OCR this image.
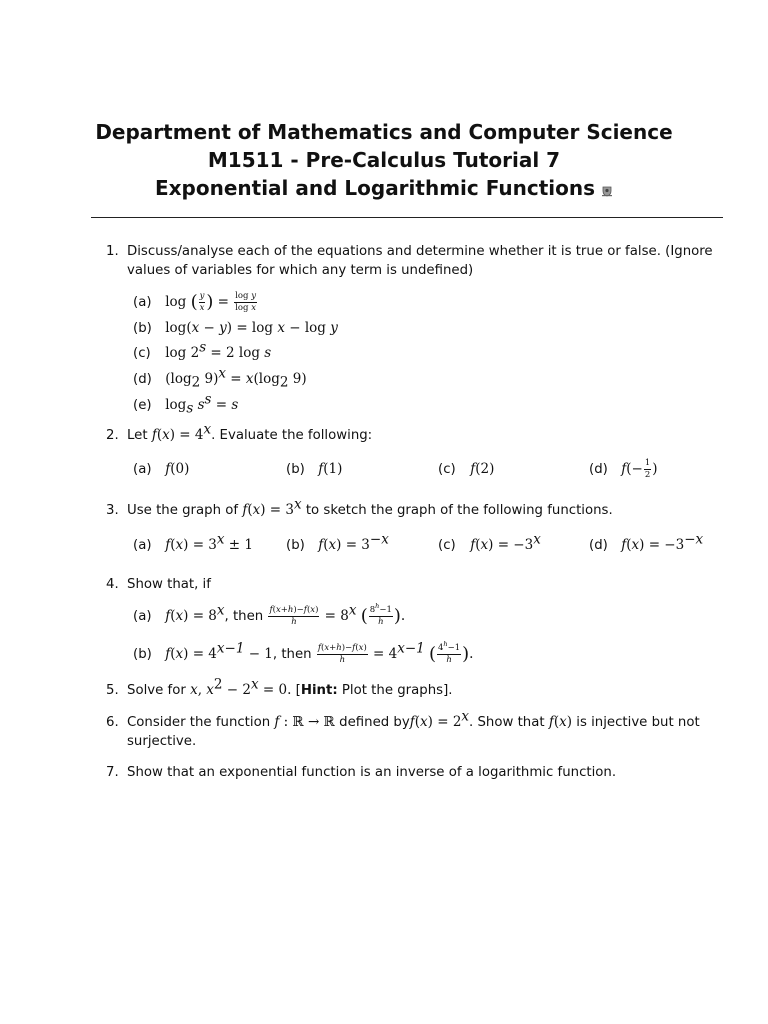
Department of Mathematics and Computer Science
M1511 - Pre-Calculus Tutorial 7
Exponential and Logarithmic Functions
1. Discuss/analyse each of the equations and determine whether it is true or false. (Ignore values of variables for which any term is undefined)
(a) log ( $\frac{y}{x}$ ) = $\frac{\text{log y}}{\text{log x}}$
(b) log(x − y) = log x − log y
(c) $\log 2^s = 2$ log s
(d) ($\log_2$ $9)^x = x(\log_2$ 9)
(e) $\log_s s^s = s$
2. Let $f(x) = 4^x$. Evaluate the following:
(a) f(0)	(b) f(1)	(c) f(2)	(d) $f(- \frac{1}{2}$ )
3. Use the graph of $f(x) = 3^x$ to sketch the graph of the following functions.
(a) $f(x) = 3^x \pm 1$ (b) $f(x) = 3^{-x}$	(c) $f(x) = -3^x$	(d) $f(x) = -3^{-x}$
4. Show that, if
(a) $f(x) = 8^x$, then $\frac{f(x+h)-f(x)}{h} = 8^x$ ( $\frac{8^h-1}{h}$ ).
(b) $f(x) = 4^{x-1} - 1$, then $\frac{f(x+h)-f(x)}{h} = 4^{x-1}$ ( $\frac{4^h-1}{h}$ ).
5. Solve for x, $x^2 - 2^x = 0$. [Hint: Plot the graphs].
6. Consider the function f : ℝ → ℝ defined $byf(x) = 2^x$. Show that f(x) is injective but not surjective.
7. Show that an exponential function is an inverse of a logarithmic function.
